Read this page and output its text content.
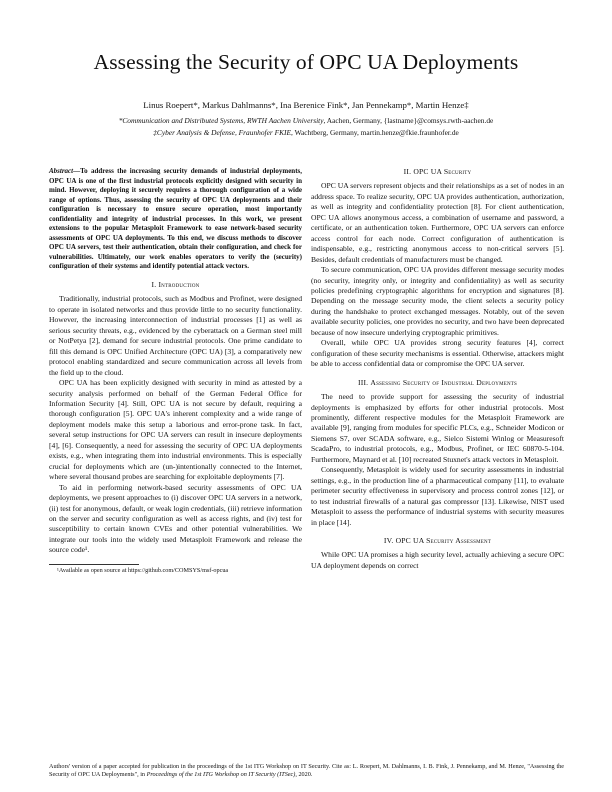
Assessing the Security of OPC UA Deployments
Linus Roepert*, Markus Dahlmanns*, Ina Berenice Fink*, Jan Pennekamp*, Martin Henze‡
*Communication and Distributed Systems, RWTH Aachen University, Aachen, Germany, {lastname}@comsys.rwth-aachen.de
‡Cyber Analysis & Defense, Fraunhofer FKIE, Wachtberg, Germany, martin.henze@fkie.fraunhofer.de

Abstract—To address the increasing security demands of industrial deployments, OPC UA is one of the first industrial protocols explicitly designed with security in mind. However, deploying it securely requires a thorough configuration of a wide range of options. Thus, assessing the security of OPC UA deployments and their configuration is necessary to ensure secure operation, most importantly confidentiality and integrity of industrial processes. In this work, we present extensions to the popular Metasploit Framework to ease network-based security assessments of OPC UA deployments. To this end, we discuss methods to discover OPC UA servers, test their authentication, obtain their configuration, and check for vulnerabilities. Ultimately, our work enables operators to verify the (security) configuration of their systems and identify potential attack vectors.

I. Introduction

Traditionally, industrial protocols, such as Modbus and Profinet, were designed to operate in isolated networks and thus provide little to no security functionality. However, the increasing interconnection of industrial processes [1] as well as serious security threats, e.g., evidenced by the cyberattack on a German steel mill or NotPetya [2], demand for secure industrial protocols. One prime candidate to fill this demand is OPC Unified Architecture (OPC UA) [3], a comparatively new protocol enabling standardized and secure communication across all levels from the field up to the cloud.

OPC UA has been explicitly designed with security in mind as attested by a security analysis performed on behalf of the German Federal Office for Information Security [4]. Still, OPC UA is not secure by default, requiring a thorough configuration [5]. OPC UA's inherent complexity and a wide range of deployment models make this setup a laborious and error-prone task. In fact, several setup instructions for OPC UA servers can result in insecure deployments [4], [6]. Consequently, a need for assessing the security of OPC UA deployments exists, e.g., when integrating them into industrial environments. This is especially crucial for deployments which are (un-)intentionally connected to the Internet, where several thousand probes are searching for exploitable deployments [7].

To aid in performing network-based security assessments of OPC UA deployments, we present approaches to (i) discover OPC UA servers in a network, (ii) test for anonymous, default, or weak login credentials, (iii) retrieve information on the server and security configuration as well as access rights, and (iv) test for susceptibility to certain known CVEs and other potential vulnerabilities. We integrate our tools into the widely used Metasploit Framework and release the source code¹.

¹Available as open source at https://github.com/COMSYS/msf-opcua

II. OPC UA Security

OPC UA servers represent objects and their relationships as a set of nodes in an address space. To realize security, OPC UA provides authentication, authorization, as well as integrity and confidentiality protection [8]. For client authentication, OPC UA allows anonymous access, a combination of username and password, a certificate, or an authentication token. Furthermore, OPC UA servers can enforce access control for each node. Correct configuration of authentication is indispensable, e.g., restricting anonymous access to non-critical servers [5]. Besides, default credentials of manufacturers must be changed.

To secure communication, OPC UA provides different message security modes (no security, integrity only, or integrity and confidentiality) as well as security policies predefining cryptographic algorithms for encryption and signatures [8]. Depending on the message security mode, the client selects a security policy during the handshake to protect exchanged messages. Notably, out of the seven available security policies, one provides no security, and two have been deprecated because of now insecure underlying cryptographic primitives.

Overall, while OPC UA provides strong security features [4], correct configuration of these security mechanisms is essential. Otherwise, attackers might be able to access confidential data or compromise the OPC UA server.

III. Assessing Security of Industrial Deployments

The need to provide support for assessing the security of industrial deployments is emphasized by efforts for other industrial protocols. Most prominently, different respective modules for the Metasploit Framework are available [9], ranging from modules for specific PLCs, e.g., Schneider Modicon or Siemens S7, over SCADA software, e.g., Sielco Sistemi Winlog or Measuresoft ScadaPro, to industrial protocols, e.g., Modbus, Profinet, or IEC 60870-5-104. Furthermore, Maynard et al. [10] recreated Stuxnet's attack vectors in Metasploit.

Consequently, Metasploit is widely used for security assessments in industrial settings, e.g., in the production line of a pharmaceutical company [11], to evaluate perimeter security effectiveness in supervisory and process control zones [12], or to test industrial firewalls of a natural gas compressor [13]. Likewise, NIST used Metasploit to assess the performance of industrial systems with security measures in place [14].

IV. OPC UA Security Assessment

While OPC UA promises a high security level, actually achieving a secure OPC UA deployment depends on correct

Authors' version of a paper accepted for publication in the proceedings of the 1st ITG Workshop on IT Security. Cite as: L. Roepert, M. Dahlmanns, I. B. Fink, J. Pennekamp, and M. Henze, "Assessing the Security of OPC UA Deployments", in Proceedings of the 1st ITG Workshop on IT Security (ITSec), 2020.
